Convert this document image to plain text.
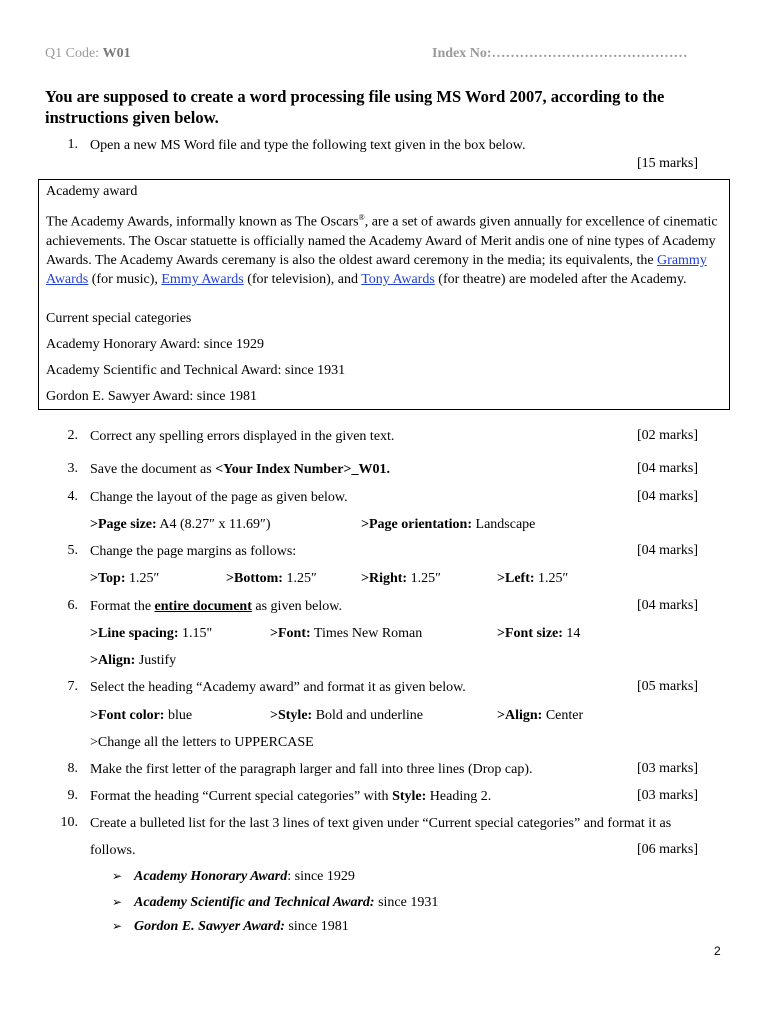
Q1 Code: W01	Index No:……………………………………
You are supposed to create a word processing file using MS Word 2007, according to the instructions given below.
1. Open a new MS Word file and type the following text given in the box below.
[15 marks]
Academy award
The Academy Awards, informally known as The Oscars®, are a set of awards given annually for excellence of cinematic achievements. The Oscar statuette is officially named the Academy Award of Merit andis one of nine types of Academy Awards. The Academy Awards ceremany is also the oldest award ceremony in the media; its equivalents, the Grammy Awards (for music), Emmy Awards (for television), and Tony Awards (for theatre) are modeled after the Academy.
Current special categories
Academy Honorary Award: since 1929
Academy Scientific and Technical Award: since 1931
Gordon E. Sawyer Award: since 1981
2. Correct any spelling errors displayed in the given text.	[02 marks]
3. Save the document as <Your Index Number>_W01.	[04 marks]
4. Change the layout of the page as given below.	[04 marks]
>Page size: A4 (8.27″ x 11.69″)	>Page orientation: Landscape
5. Change the page margins as follows:	[04 marks]
>Top: 1.25″	>Bottom: 1.25″	>Right: 1.25″	>Left: 1.25″
6. Format the entire document as given below.	[04 marks]
>Line spacing: 1.15"	>Font: Times New Roman	>Font size: 14
>Align: Justify
7. Select the heading “Academy award” and format it as given below.	[05 marks]
>Font color: blue	>Style: Bold and underline	>Align: Center
>Change all the letters to UPPERCASE
8. Make the first letter of the paragraph larger and fall into three lines (Drop cap).	[03 marks]
9. Format the heading “Current special categories” with Style: Heading 2.	[03 marks]
10. Create a bulleted list for the last 3 lines of text given under “Current special categories” and format it as
follows.	[06 marks]
➢ Academy Honorary Award: since 1929
➢ Academy Scientific and Technical Award: since 1931
➢ Gordon E. Sawyer Award: since 1981
2
